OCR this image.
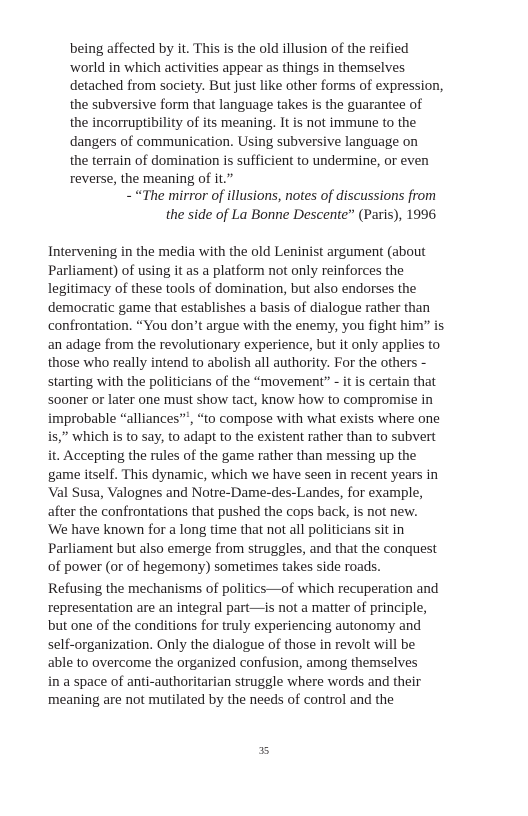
being affected by it. This is the old illusion of the reified
world in which activities appear as things in themselves
detached from society. But just like other forms of expression,
the subversive form that language takes is the guarantee of
the incorruptibility of its meaning. It is not immune to the
dangers of communication. Using subversive language on
the terrain of domination is sufficient to undermine, or even
reverse, the meaning of it.”
- “The mirror of illusions, notes of discussions from
the side of La Bonne Descente” (Paris), 1996
Intervening in the media with the old Leninist argument (about
Parliament) of using it as a platform not only reinforces the
legitimacy of these tools of domination, but also endorses the
democratic game that establishes a basis of dialogue rather than
confrontation. “You don’t argue with the enemy, you fight him” is
an adage from the revolutionary experience, but it only applies to
those who really intend to abolish all authority. For the others -
starting with the politicians of the “movement” - it is certain that
sooner or later one must show tact, know how to compromise in
improbable “alliances”$^1$, “to compose with what exists where one
is,” which is to say, to adapt to the existent rather than to subvert
it. Accepting the rules of the game rather than messing up the
game itself. This dynamic, which we have seen in recent years in
Val Susa, Valognes and Notre-Dame-des-Landes, for example,
after the confrontations that pushed the cops back, is not new.
We have known for a long time that not all politicians sit in
Parliament but also emerge from struggles, and that the conquest
of power (or of hegemony) sometimes takes side roads.
Refusing the mechanisms of politics—of which recuperation and
representation are an integral part—is not a matter of principle,
but one of the conditions for truly experiencing autonomy and
self-organization. Only the dialogue of those in revolt will be
able to overcome the organized confusion, among themselves
in a space of anti-authoritarian struggle where words and their
meaning are not mutilated by the needs of control and the
35
